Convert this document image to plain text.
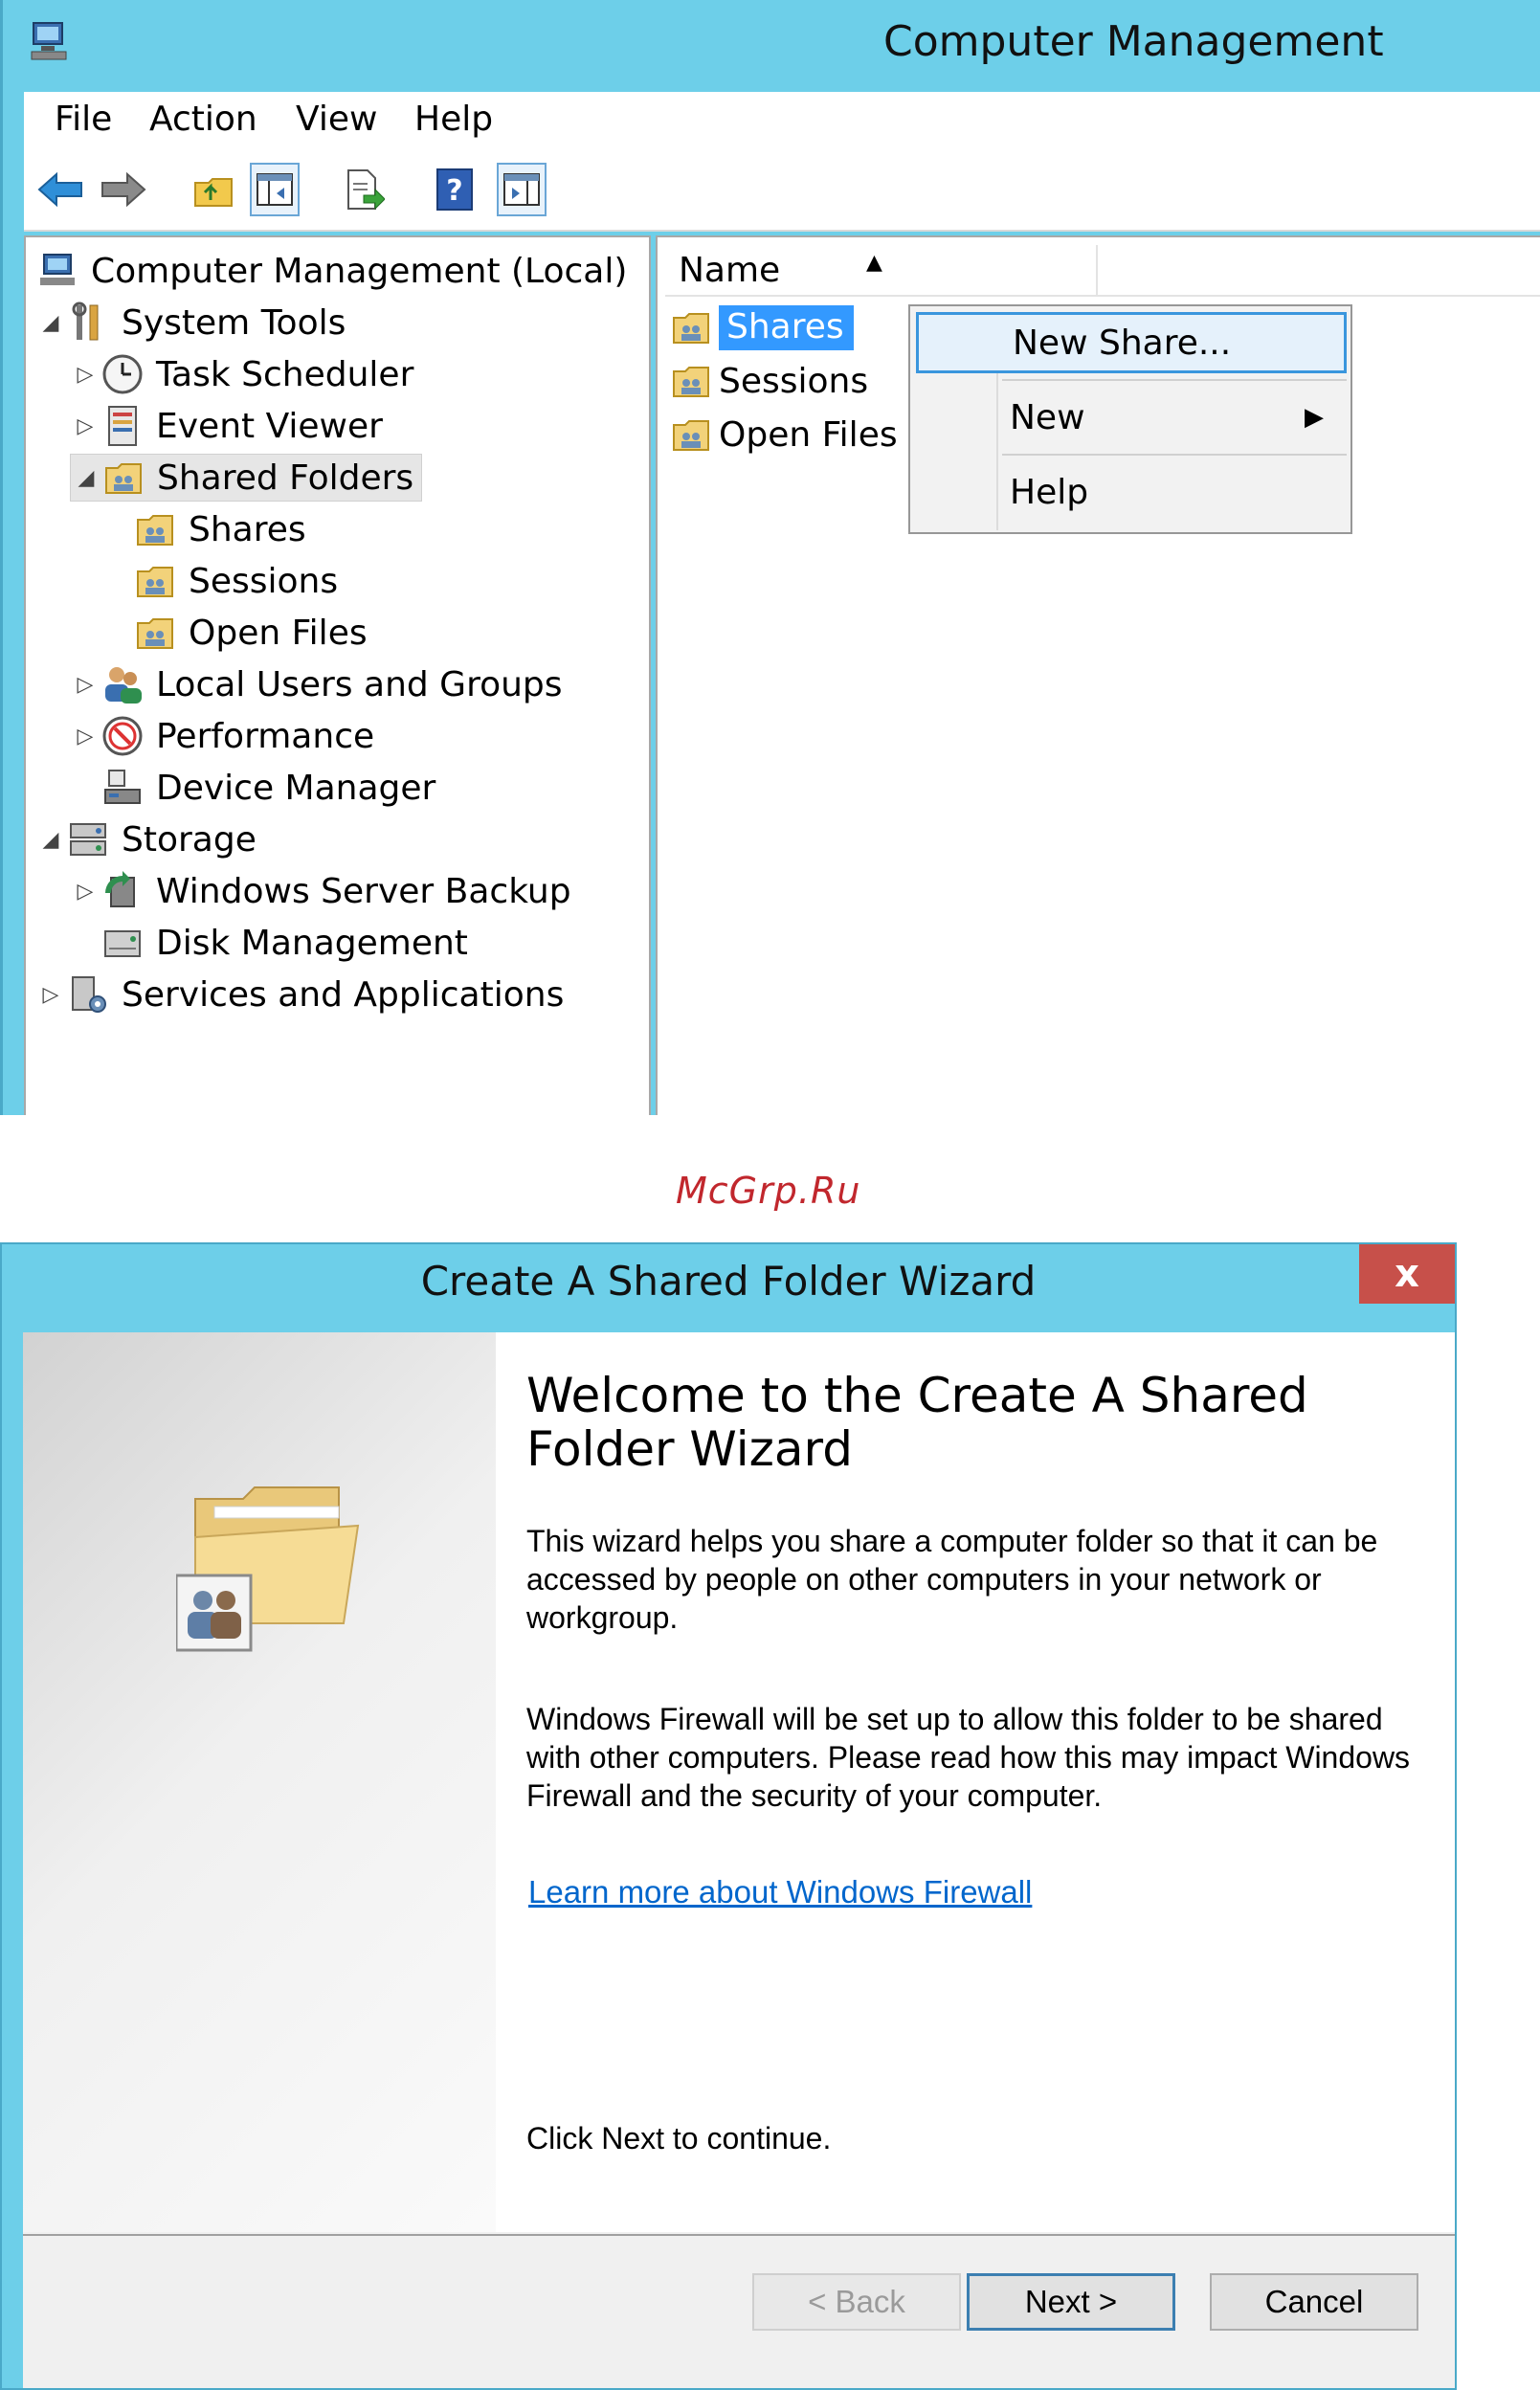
Computer Management
File Action View Help
?
Computer Management (Local)
◢ System Tools
▷ Task Scheduler
▷ Event Viewer
◢ Shared Folders
Shares
Sessions
Open Files
▷ Local Users and Groups
▷ Performance
Device Manager
◢ Storage
▷ Windows Server Backup
Disk Management
▷ Services and Applications
Name	▲
Shares
Sessions
Open Files
New Share...
New	▶
Help
McGrp.Ru
Create A Shared Folder Wizard	x
Welcome to the Create A Shared Folder Wizard
This wizard helps you share a computer folder so that it can be accessed by people on other computers in your network or workgroup.
Windows Firewall will be set up to allow this folder to be shared with other computers. Please read how this may impact Windows Firewall and the security of your computer.
Learn more about Windows Firewall
Click Next to continue.
< Back	Next >	Cancel
